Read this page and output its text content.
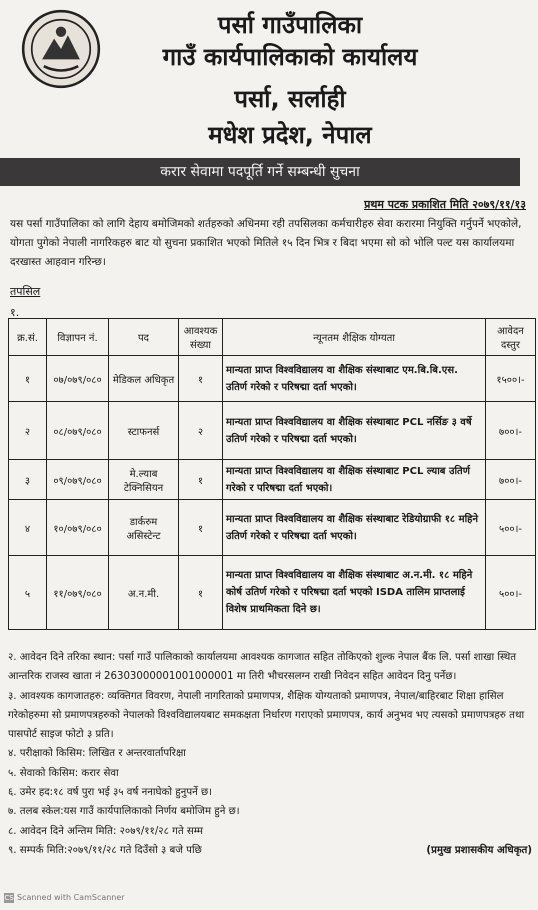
पर्सा गाउँपालिका
गाउँ कार्यपालिकाको कार्यालय
पर्सा, सर्लाही
मधेश प्रदेश, नेपाल
करार सेवामा पदपूर्ति गर्ने सम्बन्धी सुचना
प्रथम पटक प्रकाशित मिति २०७९/११/१३
यस पर्सा गाउँपालिका को लागि देहाय बमोजिमको शर्तहरुको अधिनमा रही तपसिलका कर्मचारीहरु सेवा करारमा नियुक्ति गर्नुपर्ने भएकोले, योगता पुगेको नेपाली नागरिकहरु बाट यो सुचना प्रकाशित भएको मितिले १५ दिन भित्र र बिदा भएमा सो को भोलि पल्ट यस कार्यालयमा दरखास्त आहवान गरिन्छ।
तपसिल
१.
क्र.सं.	विज्ञापन नं.	पद	आवश्यक संख्या	न्यूनतम शैक्षिक योग्यता	आवेदन दस्तुर
१	०७/०७९/०८०	मेडिकल अधिकृत	१	मान्यता प्राप्त विश्वविद्यालय वा शैक्षिक संस्थाबाट एम.बि.बि.एस. उतिर्ण गरेको र परिषद्मा दर्ता भएको।	१५००।-
२	०८/०७९/०८०	स्टाफनर्स	२	मान्यता प्राप्त विश्वविद्यालय वा शैक्षिक संस्थाबाट PCL नर्सिङ ३ वर्षे उतिर्ण गरेको र परिषद्मा दर्ता भएको।	७००।-
३	०९/०७९/०८०	मे.ल्याब टेक्निसियन	१	मान्यता प्राप्त विश्वविद्यालय वा शैक्षिक संस्थाबाट PCL ल्याब उतिर्ण गरेको र परिषद्मा दर्ता भएको।	७००।-
४	१०/०७९/०८०	डार्करुम असिस्टेन्ट	१	मान्यता प्राप्त विश्वविद्यालय वा शैक्षिक संस्थाबाट रेडियोग्राफी १८ महिने उतिर्ण गरेको र परिषद्मा दर्ता भएको।	५००।-
५	११/०७९/०८०	अ.न.मी.	१	मान्यता प्राप्त विश्वविद्यालय वा शैक्षिक संस्थाबाट अ.न.मी. १८ महिने कोर्ष उतिर्ण गरेको र परिषद्मा दर्ता भएको ISDA तालिम प्राप्तलाई विशेष प्राथमिकता दिने छ।	५००।-

२. आवेदन दिने तरिका स्थान: पर्सा गाउँ पालिकाको कार्यालयमा आवश्यक कागजात सहित तोकिएको शुल्क नेपाल बैंक लि. पर्सा शाखा स्थित आन्तरिक राजस्व खाता नं 26303000001001000001 मा तिरी भौचरसलग्न राखी निवेदन सहित आवेदन दिनु पर्नेछ।

३. आवश्यक कागजातहरु: व्यक्तिगत विवरण, नेपाली नागरिताको प्रमाणपत्र, शैक्षिक योग्यताको प्रमाणपत्र, नेपाल/बाहिरबाट शिक्षा हासिल गरेकोहरुमा सो प्रमाणपत्रहरुको नेपालको विश्वविद्यालयबाट समकक्षता निर्धारण गराएको प्रमाणपत्र, कार्य अनुभव भए त्यसको प्रमाणपत्रहरु तथा पासपोर्ट साइज फोटो ३ प्रति।

४. परीक्षाको किसिम: लिखित र अन्तरवार्तापरिक्षा

५. सेवाको किसिम: करार सेवा

६. उमेर हद:१८ वर्ष पुरा भई ३५ वर्ष ननाघेको हुनुपर्ने छ।

७. तलब स्केल:यस गाउँ कार्यपालिकाको निर्णय बमोजिम हुने छ।

८. आवेदन दिने अन्तिम मिति: २०७९/११/२८ गते सम्म

९. सम्पर्क मिति:२०७९/११/२८ गते दिउँसो ३ बजे पछि	(प्रमुख प्रशासकीय अधिकृत)

CS Scanned with CamScanner
